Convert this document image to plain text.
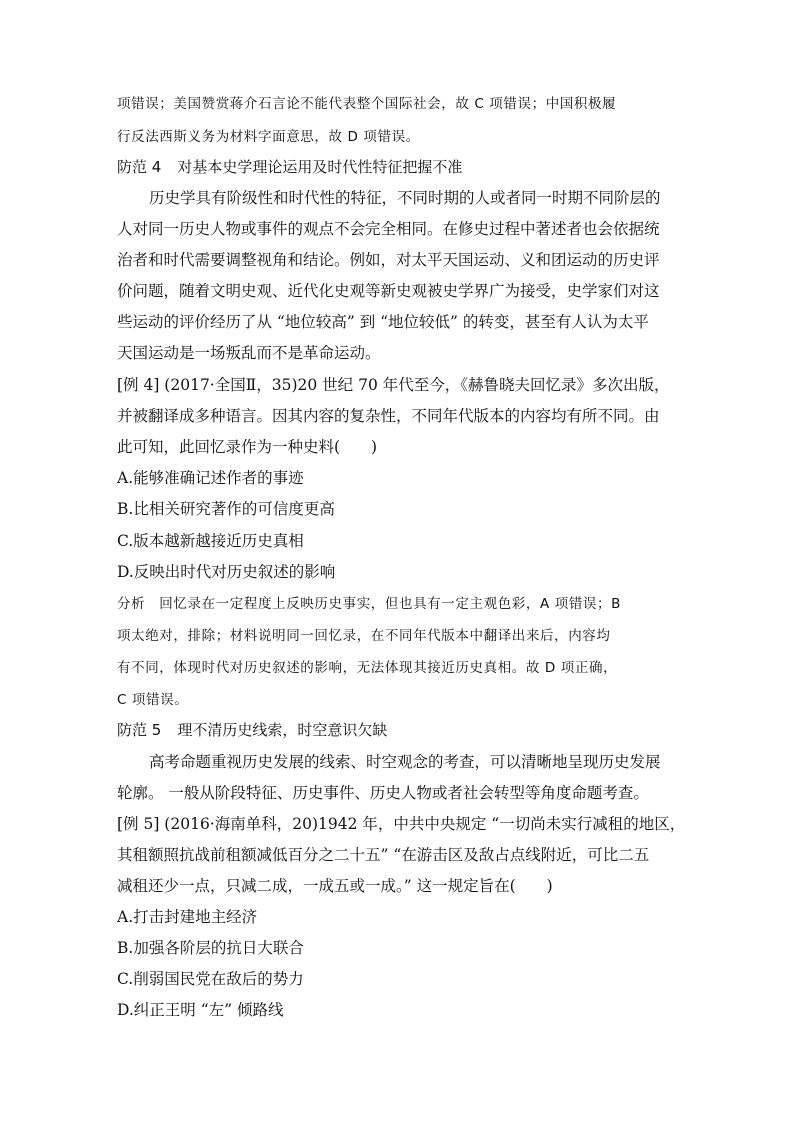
项错误；美国赞赏蒋介石言论不能代表整个国际社会，故 C 项错误；中国积极履
行反法西斯义务为材料字面意思，故 D 项错误。
防范 4 对基本史学理论运用及时代性特征把握不准
历史学具有阶级性和时代性的特征，不同时期的人或者同一时期不同阶层的
人对同一历史人物或事件的观点不会完全相同。在修史过程中著述者也会依据统
治者和时代需要调整视角和结论。例如，对太平天国运动、义和团运动的历史评
价问题，随着文明史观、近代化史观等新史观被史学界广为接受，史学家们对这
些运动的评价经历了从 “地位较高” 到 “地位较低” 的转变，甚至有人认为太平
天国运动是一场叛乱而不是革命运动。
[例 4] (2017·全国Ⅱ，35)20 世纪 70 年代至今，《赫鲁晓夫回忆录》多次出版，
并被翻译成多种语言。因其内容的复杂性，不同年代版本的内容均有所不同。由
此可知，此回忆录作为一种史料(　　)
A.能够准确记述作者的事迹
B.比相关研究著作的可信度更高
C.版本越新越接近历史真相
D.反映出时代对历史叙述的影响
分析　回忆录在一定程度上反映历史事实，但也具有一定主观色彩，A 项错误；B
项太绝对，排除；材料说明同一回忆录，在不同年代版本中翻译出来后，内容均
有不同，体现时代对历史叙述的影响，无法体现其接近历史真相。故 D 项正确，
C 项错误。
防范 5 理不清历史线索，时空意识欠缺
高考命题重视历史发展的线索、时空观念的考查，可以清晰地呈现历史发展
轮廓。 一般从阶段特征、历史事件、历史人物或者社会转型等角度命题考查。
[例 5] (2016·海南单科，20)1942 年，中共中央规定 “一切尚未实行减租的地区，
其租额照抗战前租额减低百分之二十五” “在游击区及敌占点线附近，可比二五
减租还少一点，只减二成，一成五或一成。” 这一规定旨在(　　)
A.打击封建地主经济
B.加强各阶层的抗日大联合
C.削弱国民党在敌后的势力
D.纠正王明 “左” 倾路线
